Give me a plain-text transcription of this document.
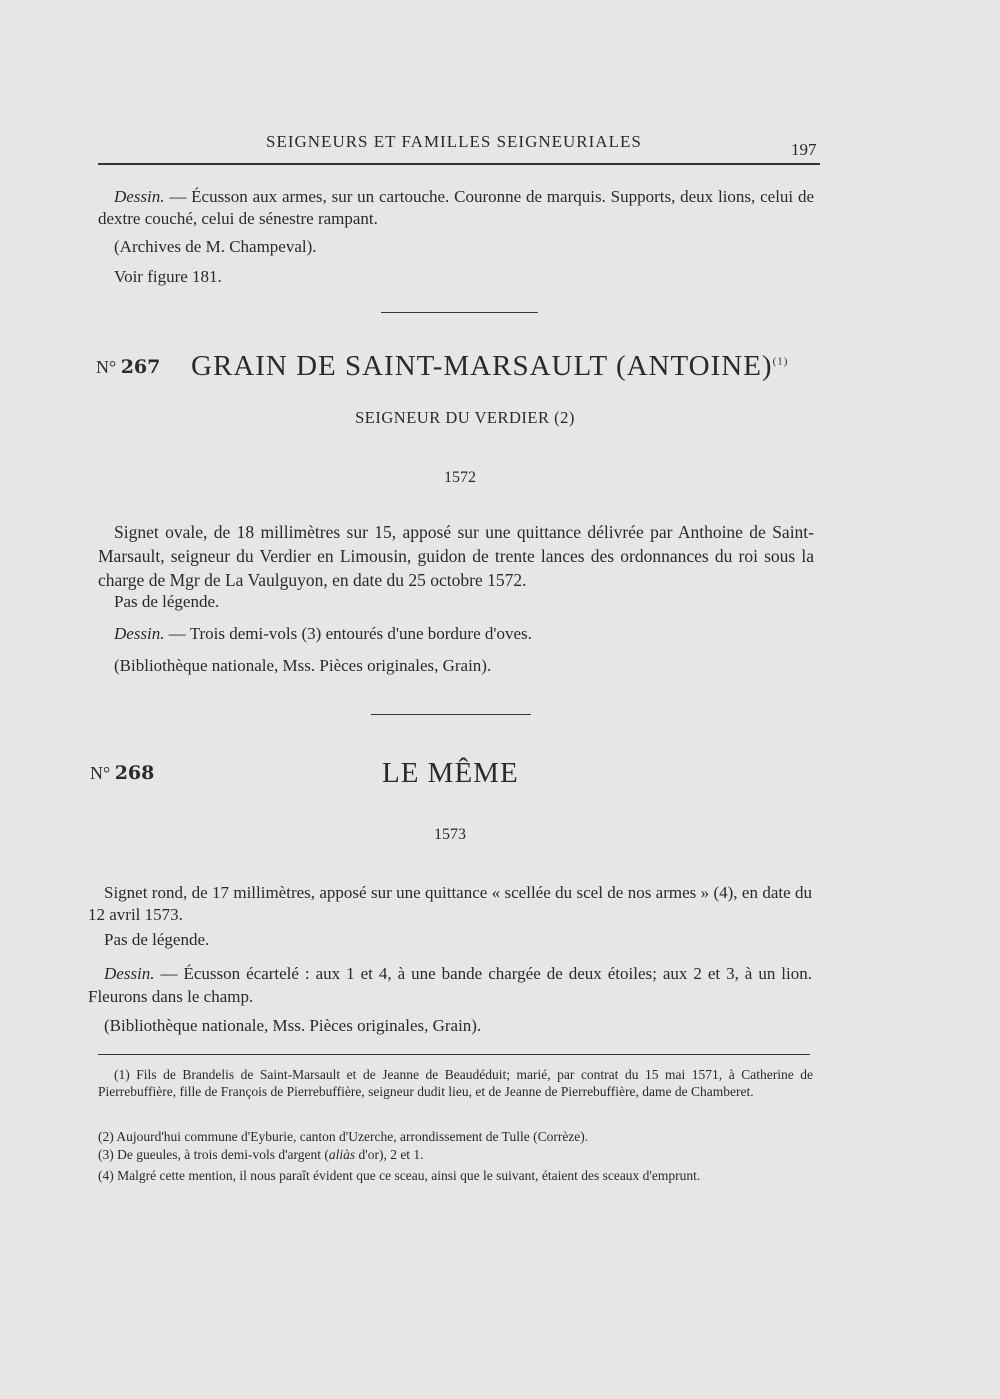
SEIGNEURS ET FAMILLES SEIGNEURIALES	197
Dessin. — Écusson aux armes, sur un cartouche. Couronne de marquis. Supports, deux lions, celui de dextre couché, celui de sénestre rampant.
(Archives de M. Champeval).
Voir figure 181.
N° 267 GRAIN DE SAINT-MARSAULT (ANTOINE)$^{(1)}$
SEIGNEUR DU VERDIER (2)
1572
Signet ovale, de 18 millimètres sur 15, apposé sur une quittance délivrée par Anthoine de Saint-Marsault, seigneur du Verdier en Limousin, guidon de trente lances des ordonnances du roi sous la charge de Mgr de La Vaulguyon, en date du 25 octobre 1572.
Pas de légende.
Dessin. — Trois demi-vols (3) entourés d'une bordure d'oves.
(Bibliothèque nationale, Mss. Pièces originales, Grain).
N° 268	LE MÊME
1573
Signet rond, de 17 millimètres, apposé sur une quittance « scellée du scel de nos armes » (4), en date du 12 avril 1573.
Pas de légende.
Dessin. — Écusson écartelé : aux 1 et 4, à une bande chargée de deux étoiles; aux 2 et 3, à un lion. Fleurons dans le champ.
(Bibliothèque nationale, Mss. Pièces originales, Grain).
(1) Fils de Brandelis de Saint-Marsault et de Jeanne de Beaudéduit; marié, par contrat du 15 mai 1571, à Catherine de Pierrebuffière, fille de François de Pierrebuffière, seigneur dudit lieu, et de Jeanne de Pierrebuffière, dame de Chamberet.
(2) Aujourd'hui commune d'Eyburie, canton d'Uzerche, arrondissement de Tulle (Corrèze).
(3) De gueules, à trois demi-vols d'argent (aliàs d'or), 2 et 1.
(4) Malgré cette mention, il nous paraît évident que ce sceau, ainsi que le suivant, étaient des sceaux d'emprunt.
